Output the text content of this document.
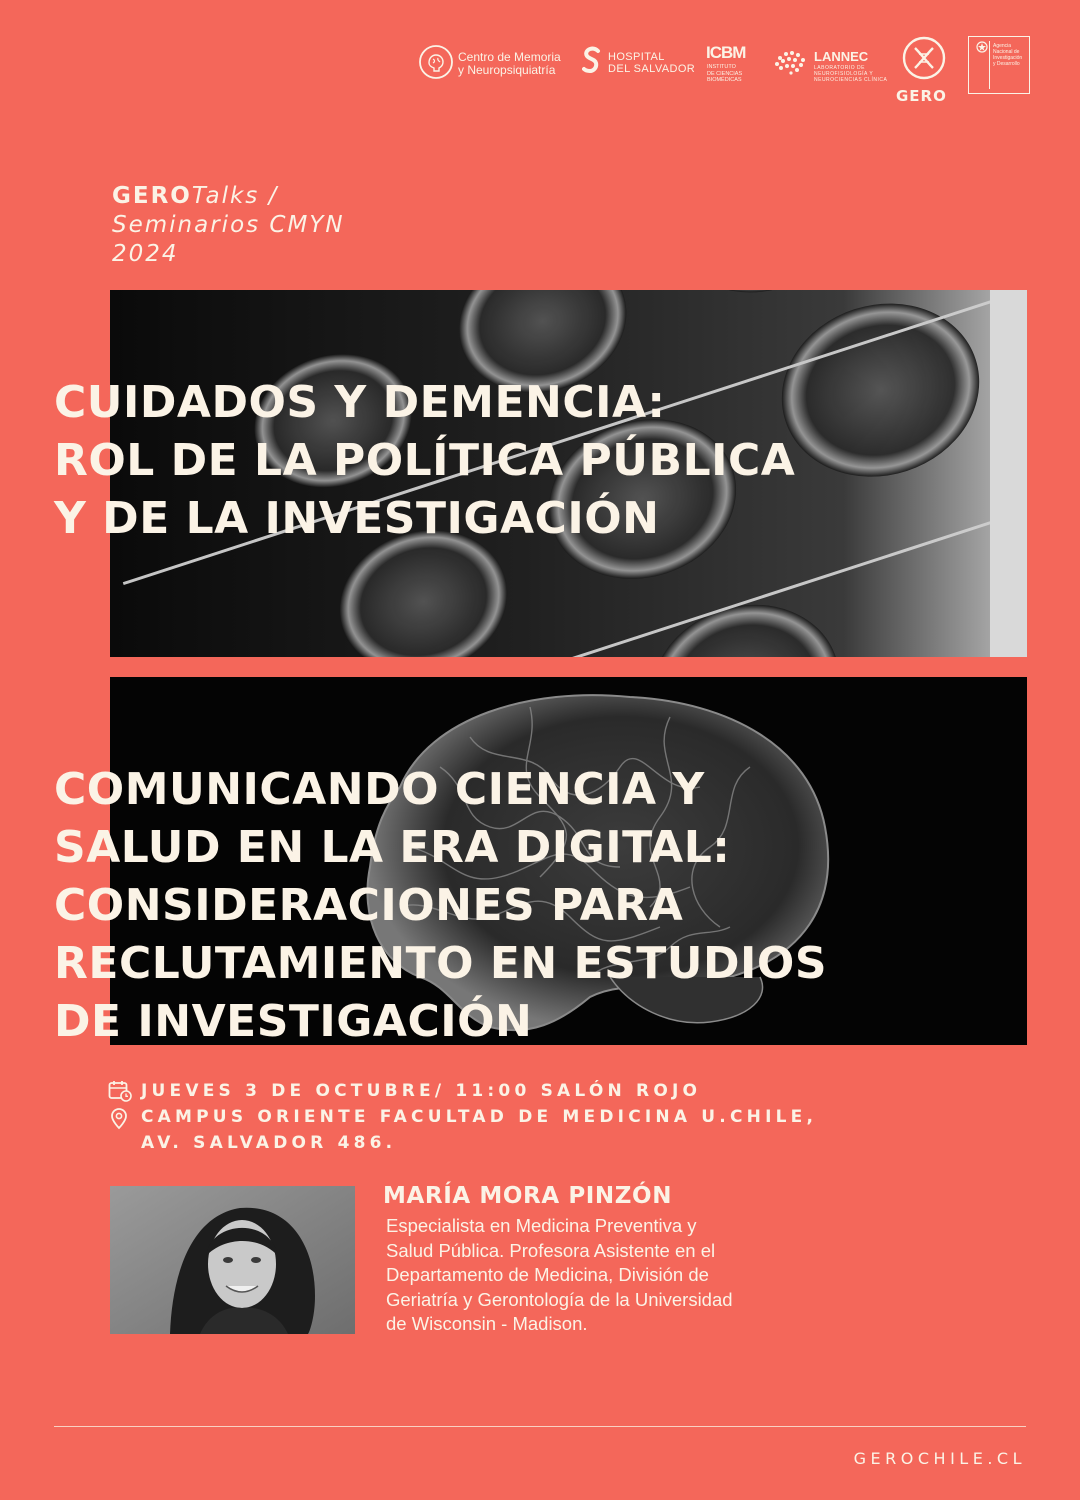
Centro de Memoria
y Neuropsiquiatría
HOSPITAL
DEL SALVADOR
ICBM
INSTITUTO
DE CIENCIAS
BIOMÉDICAS
LANNEC
LABORATORIO DE
NEUROFISIOLOGÍA Y
NEUROCIENCIAS CLÍNICA
GERO
Agencia
Nacional de
Investigación
y Desarrollo
GEROTalks /
Seminarios CMYN
2024
CUIDADOS Y DEMENCIA:
ROL DE LA POLÍTICA PÚBLICA
Y DE LA INVESTIGACIÓN
COMUNICANDO CIENCIA Y
SALUD EN LA ERA DIGITAL:
CONSIDERACIONES PARA
RECLUTAMIENTO EN ESTUDIOS
DE INVESTIGACIÓN
JUEVES 3 DE OCTUBRE/ 11:00 SALÓN ROJO
CAMPUS ORIENTE FACULTAD DE MEDICINA U.CHILE,
AV. SALVADOR 486.
MARÍA MORA PINZÓN
Especialista en Medicina Preventiva y
Salud Pública. Profesora Asistente en el
Departamento de Medicina, División de
Geriatría y Gerontología de la Universidad
de Wisconsin - Madison.
GEROCHILE.CL
